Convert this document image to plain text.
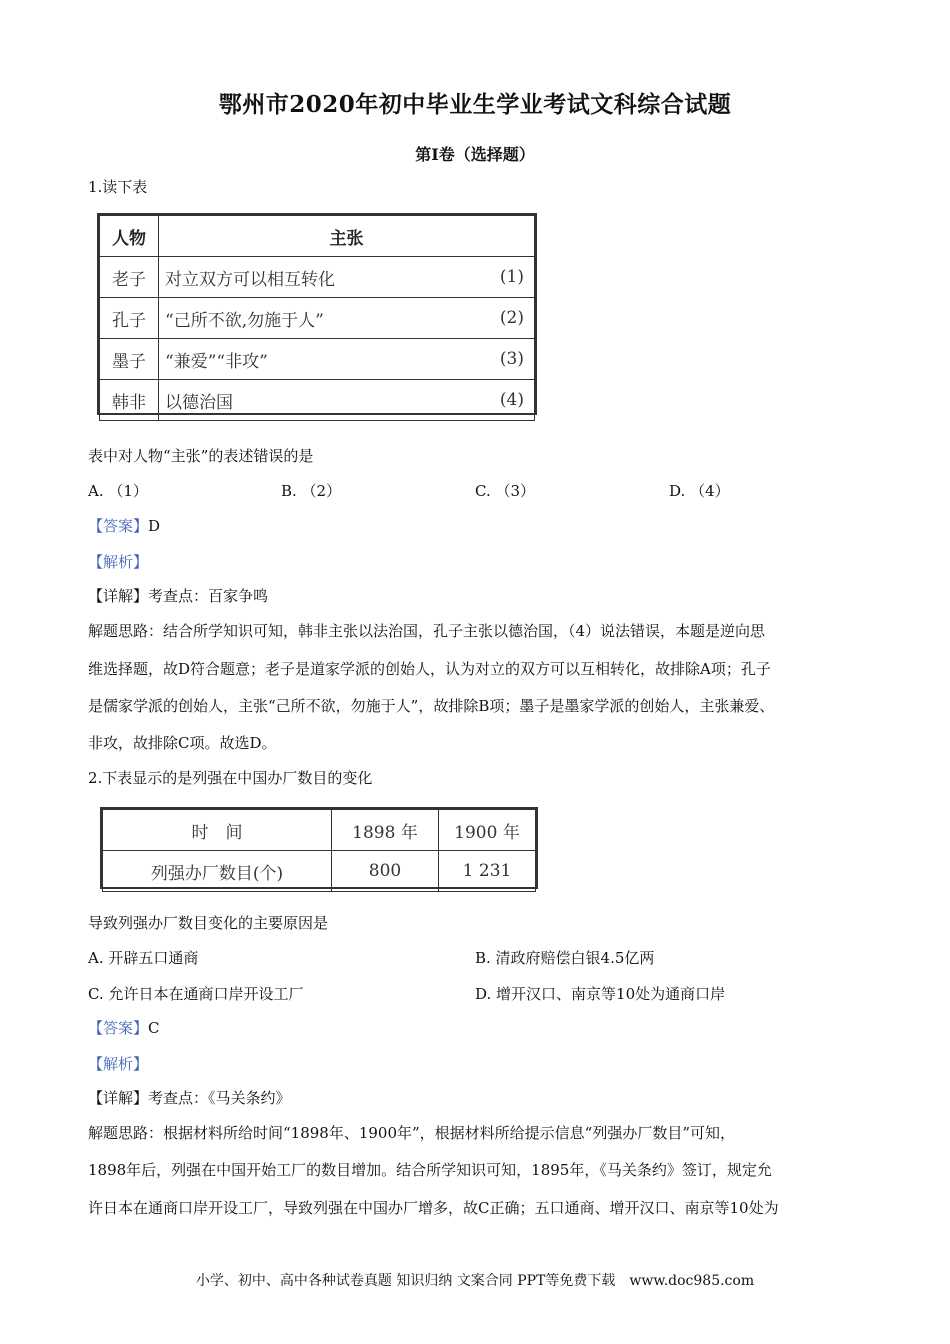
鄂州市2020年初中毕业生学业考试文科综合试题
第Ⅰ卷（选择题）
1.读下表
人物	主张	
老子	对立双方可以相互转化	(1)
孔子	“己所不欲,勿施于人”	(2)
墨子	“兼爱”“非攻”	(3)
韩非	以德治国	(4)
表中对人物“主张”的表述错误的是
A. （1）	B. （2）	C. （3）	D. （4）
【答案】D
【解析】
【详解】考查点：百家争鸣
解题思路：结合所学知识可知，韩非主张以法治国，孔子主张以德治国，（4）说法错误，本题是逆向思
维选择题，故D符合题意；老子是道家学派的创始人，认为对立的双方可以互相转化，故排除A项；孔子
是儒家学派的创始人，主张“己所不欲，勿施于人”，故排除B项；墨子是墨家学派的创始人，主张兼爱、
非攻，故排除C项。故选D。
2.下表显示的是列强在中国办厂数目的变化
时　间	1898 年	1900 年
列强办厂数目(个)	800	1 231
导致列强办厂数目变化的主要原因是
A. 开辟五口通商	B. 清政府赔偿白银4.5亿两
C. 允许日本在通商口岸开设工厂	D. 增开汉口、南京等10处为通商口岸
【答案】C
【解析】
【详解】考查点：《马关条约》
解题思路：根据材料所给时间“1898年、1900年”，根据材料所给提示信息“列强办厂数目”可知，
1898年后，列强在中国开始工厂的数目增加。结合所学知识可知，1895年，《马关条约》签订，规定允
许日本在通商口岸开设工厂，导致列强在中国办厂增多，故C正确；五口通商、增开汉口、南京等10处为
小学、初中、高中各种试卷真题 知识归纳 文案合同 PPT等免费下载　www.doc985.com
